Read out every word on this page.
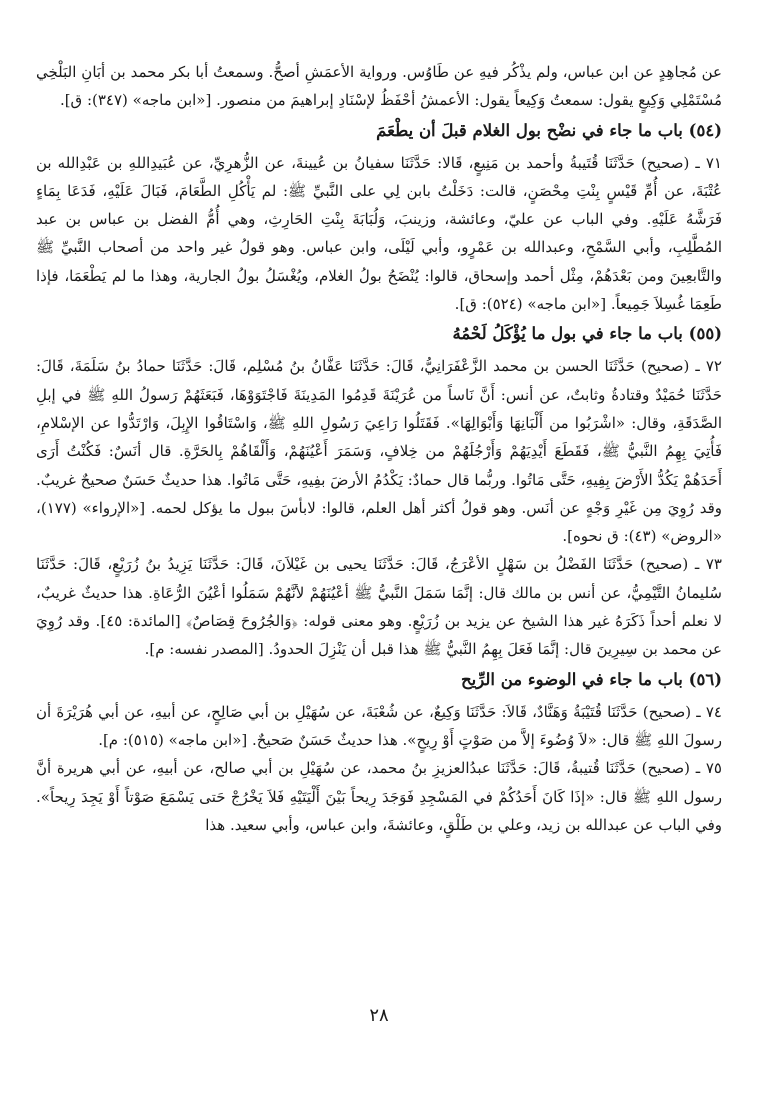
عن مُجاهِدٍ عن ابن عباس، ولم يذْكُر فيهِ عن طَاوُس. ورواية الأعمَشِ أصحُّ. وسمعتُ أبا بكر محمد بن أبَانِ البَلْخِي مُسْتَمْلِي وَكِيعٍ يقول: سمعتُ وَكِيعاً يقول: الأعمشُ أحْفَظُ لإسْنَادِ إبراهيمَ من منصور. [«ابن ماجه» (٣٤٧): ق].

(٥٤) باب ما جاء في نضْح بول الغلام قبلَ أن يطْعَمَ

٧١ ـ (صحيح) حَدَّثَنَا قُتَيبةُ وأحمد بن مَنِيعٍ، قَالا: حَدَّثَنَا سفيانُ بن عُيينةَ، عن الزُّهرِيِّ، عن عُبَيدِاللهِ بن عَبْدِالله بن عُتْبَةَ، عن أُمِّ قَيْسٍ بِنْتِ مِحْصَنٍ، قالت: دَخَلْتُ بابن لِي على النَّبيِّ ﷺ: لم يَأْكُلِ الطَّعَامَ، فَبَالَ عَلَيْهِ، فَدَعَا بِمَاءٍ فَرَشَّهُ عَلَيْهِ. وفي الباب عن عليّ، وعائشة، وزينبَ، وَلُبَابَةَ بِنْتِ الحَارِثِ، وهي أُمُّ الفضل بن عباس بن عبد المُطَّلِبِ، وأبي السَّمْحِ، وعبدالله بن عَمْرٍو، وأبي لَيْلَى، وابن عباس. وهو قولُ غير واحد من أصحاب النَّبيِّ ﷺ والتَّابعِينَ ومن بَعْدَهُمْ، مِثْل أحمد وإسحاق، قالوا: يُنْضَحُ بولُ الغلام، ويُغْسَلُ بولُ الجارية، وهذا ما لم يَطْعَمَا، فإذا طَعِمَا غُسِلاَ جَمِيعاً. [«ابن ماجه» (٥٢٤): ق].

(٥٥) باب ما جاء في بول ما يُؤْكَلُ لَحْمُهُ

٧٢ ـ (صحيح) حَدَّثَنَا الحسن بن محمد الزَّعْفَرَانِيُّ، قَالَ: حَدَّثَنَا عَفَّانُ بنُ مُسْلِم، قَالَ: حَدَّثَنَا حمادُ بنُ سَلَمَةَ، قَالَ: حَدَّثَنَا حُمَيْدٌ وقتادةُ وثابتٌ، عن أنس: أَنَّ نَاساً من عُرَيْنَةَ قَدِمُوا المَدِينَةَ فَاجْتَوَوْهَا، فَبَعَثَهُمْ رَسولُ اللهِ ﷺ في إبلِ الصَّدَقَةِ، وقال: «اشْرَبُوا من أَلْبَانِهَا وَأَبْوَالِهَا». فَقَتَلُوا رَاعِيَ رَسُولِ اللهِ ﷺ، وَاسْتَاقُوا الإِبِلَ، وَارْتَدُّوا عن الإسْلامِ، فَأُتِيَ بِهِمُ النَّبيُّ ﷺ، فَقَطَعَ أَيْدِيَهُمْ وَأَرْجُلَهُمْ من خِلافٍ، وَسَمَرَ أَعْيُنَهُمْ، وَأَلْقَاهُمْ بِالحَرَّةِ. قال أنَسٌ: فَكُنْتُ أَرَى أَحَدَهُمْ يَكُدُّ الأَرْضَ بِفِيهِ، حَتَّى مَاتُوا. وربُّما قال حمادٌ: يَكْدُمُ الأرضَ بفِيهِ، حَتَّى مَاتُوا. هذا حديثٌ حَسَنٌ صحيحٌ غريبٌ. وقد رُوِيَ مِن غَيْرِ وَجْهٍ عن أنَس. وهو قولُ أكثر أهل العلم، قالوا: لابأسَ ببول ما يؤكل لحمه. [«الإرواء» (١٧٧)، «الروض» (٤٣): ق نحوه].

٧٣ ـ (صحيح) حَدَّثَنَا الفَضْلُ بن سَهْلٍ الأعْرَجُ، قَالَ: حَدَّثَنَا يحيى بن غَيْلاَنَ، قَالَ: حَدَّثَنَا يَزِيدُ بنُ زُرَيْعٍ، قَالَ: حَدَّثَنَا سُليمانُ التَّيْمِيُّ، عن أنس بن مالك قال: إنَّمَا سَمَلَ النَّبيُّ ﷺ أعْيُنَهُمْ لأنَّهُمْ سَمَلُوا أعْيُنَ الرُّعَاةِ. هذا حديثٌ غريبٌ، لا نعلم أحداً ذَكَرَهُ غير هذا الشيخ عن يزيد بن زُرَيْعٍ. وهو معنى قوله: ﴿وَالجُرُوحَ قِصَاصٌ﴾ [المائدة: ٤٥]. وقد رُوِيَ عن محمد بن سِيرِينَ قال: إنَّمَا فَعَلَ بِهِمُ النَّبيُّ ﷺ هذا قبل أن يَنْزِلَ الحدودُ. [المصدر نفسه: م].

(٥٦) باب ما جاء في الوضوء من الرِّيح

٧٤ ـ (صحيح) حَدَّثَنَا قُتَيْبَةُ وَهَنَّادٌ، قَالاَ: حَدَّثَنَا وَكِيعٌ، عن شُعْبَةَ، عن سُهَيْلِ بن أبي صَالِحٍ، عن أبيهِ، عن أبي هُرَيْرَةَ أن رسولَ اللهِ ﷺ قال: «لاَ وُضُوءَ إلاَّ من صَوْتٍ أَوْ رِيحٍ». هذا حديثٌ حَسَنٌ صَحيحٌ. [«ابن ماجه» (٥١٥): م].

٧٥ ـ (صحيح) حَدَّثَنَا قُتيبةُ، قَالَ: حَدَّثَنَا عبدُالعزيزِ بنُ محمد، عن سُهَيْلِ بن أبي صالح، عن أبيهِ، عن أبي هريرة أنَّ رسول اللهِ ﷺ قال: «إذَا كَانَ أَحَدُكُمْ في المَسْجِدِ فَوَجَدَ رِيحاً بَيْنَ أَلْيَتَيْهِ فَلاَ يَخْرُجْ حَتى يَسْمَعَ صَوْتاً أَوْ يَجِدَ رِيحاً». وفي الباب عن عبدالله بن زيد، وعلي بن طَلْقٍ، وعائشةَ، وابن عباس، وأبي سعيد. هذا

٢٨
